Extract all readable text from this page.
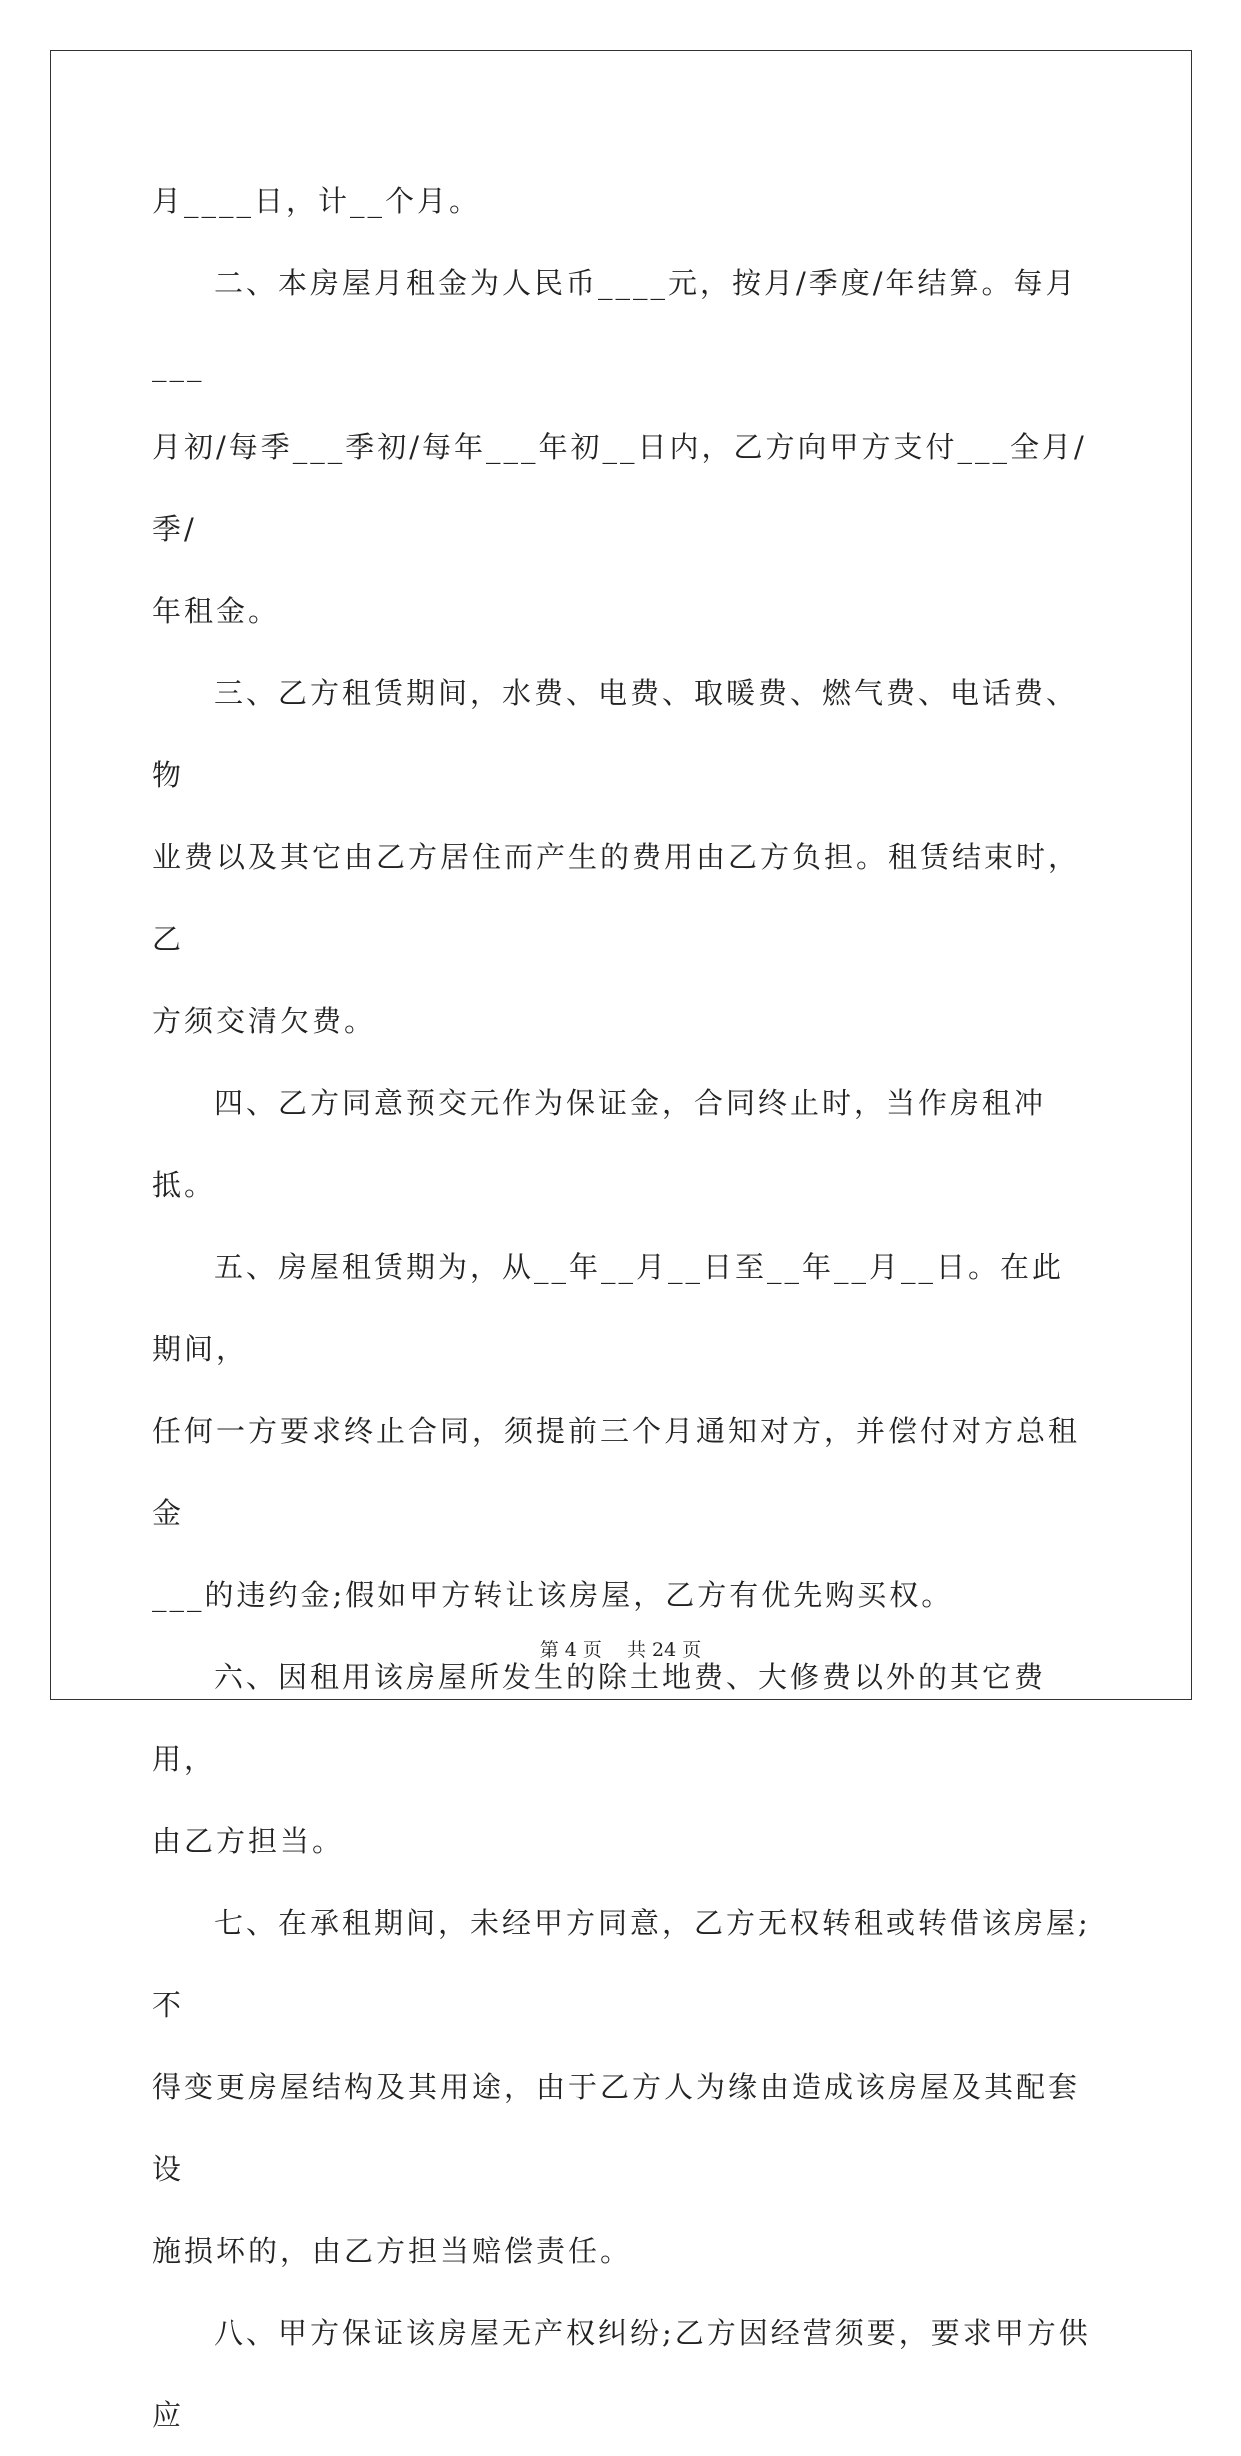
月____日，计__个月。

二、本房屋月租金为人民币____元，按月/季度/年结算。每月___

月初/每季___季初/每年___年初__日内，乙方向甲方支付___全月/季/

年租金。

三、乙方租赁期间，水费、电费、取暖费、燃气费、电话费、物

业费以及其它由乙方居住而产生的费用由乙方负担。租赁结束时，乙

方须交清欠费。

四、乙方同意预交元作为保证金，合同终止时，当作房租冲抵。

五、房屋租赁期为，从__年__月__日至__年__月__日。在此期间，

任何一方要求终止合同，须提前三个月通知对方，并偿付对方总租金

___的违约金;假如甲方转让该房屋，乙方有优先购买权。

六、因租用该房屋所发生的除土地费、大修费以外的其它费用，

由乙方担当。

七、在承租期间，未经甲方同意，乙方无权转租或转借该房屋;不

得变更房屋结构及其用途，由于乙方人为缘由造成该房屋及其配套设

施损坏的，由乙方担当赔偿责任。

八、甲方保证该房屋无产权纠纷;乙方因经营须要，要求甲方供应

第 4 页　 共 24 页
